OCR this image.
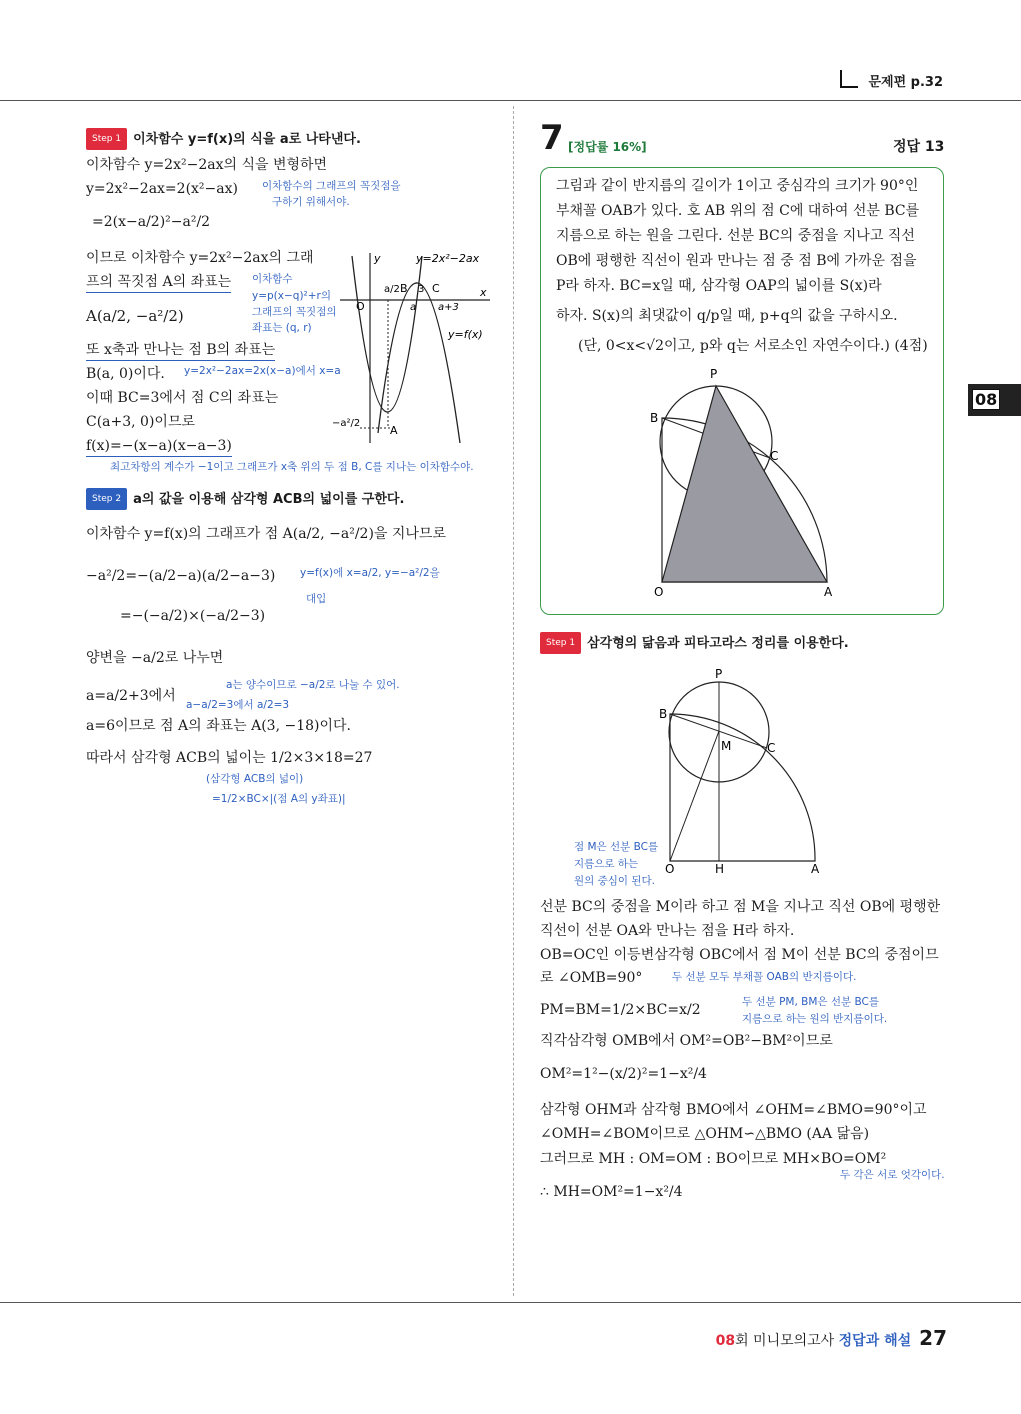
문제편 p.32
Step 1 이차함수 y=f(x)의 식을 a로 나타낸다.
이차함수 y=2x²−2ax의 식을 변형하면
y=2x²−2ax=2(x²−ax) 이차함수의 그래프의 꼭짓점을
구하기 위해서야.
=2(x−a/2)²−a²/2
이므로 이차함수 y=2x²−2ax의 그래
프의 꼭짓점 A의 좌표는 이차함수
y=p(x−q)²+r의
그래프의 꼭짓점의
좌표는 (q, r)
A(a/2, −a²/2)
또 x축과 만나는 점 B의 좌표는
B(a, 0)이다. y=2x²−2ax=2x(x−a)에서 x=a
이때 BC=3에서 점 C의 좌표는
C(a+3, 0)이므로
f(x)=−(x−a)(x−a−3)
최고차항의 계수가 −1이고 그래프가 x축 위의 두 점 B, C를 지나는 이차함수야.
y
x
O
y=2x²−2ax
y=f(x)
a/2 B 3 C
a a+3
A
−a²/2
Step 2 a의 값을 이용해 삼각형 ACB의 넓이를 구한다.
이차함수 y=f(x)의 그래프가 점 A(a/2, −a²/2)을 지나므로
−a²/2=−(a/2−a)(a/2−a−3) y=f(x)에 x=a/2, y=−a²/2을
대입
=−(−a/2)×(−a/2−3)
양변을 −a/2로 나누면
a는 양수이므로 −a/2로 나눌 수 있어.
a=a/2+3에서
a−a/2=3에서 a/2=3
a=6이므로 점 A의 좌표는 A(3, −18)이다.
따라서 삼각형 ACB의 넓이는 1/2×3×18=27
(삼각형 ACB의 넓이)
=1/2×BC×|(점 A의 y좌표)|
7 [정답률 16%]	정답 13
그림과 같이 반지름의 길이가 1이고 중심각의 크기가 90°인
부채꼴 OAB가 있다. 호 AB 위의 점 C에 대하여 선분 BC를
지름으로 하는 원을 그린다. 선분 BC의 중점을 지나고 직선
OB에 평행한 직선이 원과 만나는 점 중 점 B에 가까운 점을
P라 하자. BC=x일 때, 삼각형 OAP의 넓이를 S(x)라
하자. S(x)의 최댓값이 q/p일 때, p+q의 값을 구하시오.
(단, 0<x<√2이고, p와 q는 서로소인 자연수이다.) (4점)
P
B
C
O	A
Step 1 삼각형의 닮음과 피타고라스 정리를 이용한다.
P
B
M	C
O	H	A
점 M은 선분 BC를
지름으로 하는
원의 중심이 된다.
선분 BC의 중점을 M이라 하고 점 M을 지나고 직선 OB에 평행한
직선이 선분 OA와 만나는 점을 H라 하자.
OB=OC인 이등변삼각형 OBC에서 점 M이 선분 BC의 중점이므
로 ∠OMB=90°	두 선분 모두 부채꼴 OAB의 반지름이다.
PM=BM=1/2×BC=x/2	두 선분 PM, BM은 선분 BC를
지름으로 하는 원의 반지름이다.
직각삼각형 OMB에서 OM²=OB²−BM²이므로
OM²=1²−(x/2)²=1−x²/4
삼각형 OHM과 삼각형 BMO에서 ∠OHM=∠BMO=90°이고
∠OMH=∠BOM이므로 △OHM∽△BMO (AA 닮음)
그러므로 MH : OM=OM : BO이므로 MH×BO=OM²
두 각은 서로 엇각이다.
∴ MH=OM²=1−x²/4
08
08회 미니모의고사 정답과 해설 27
